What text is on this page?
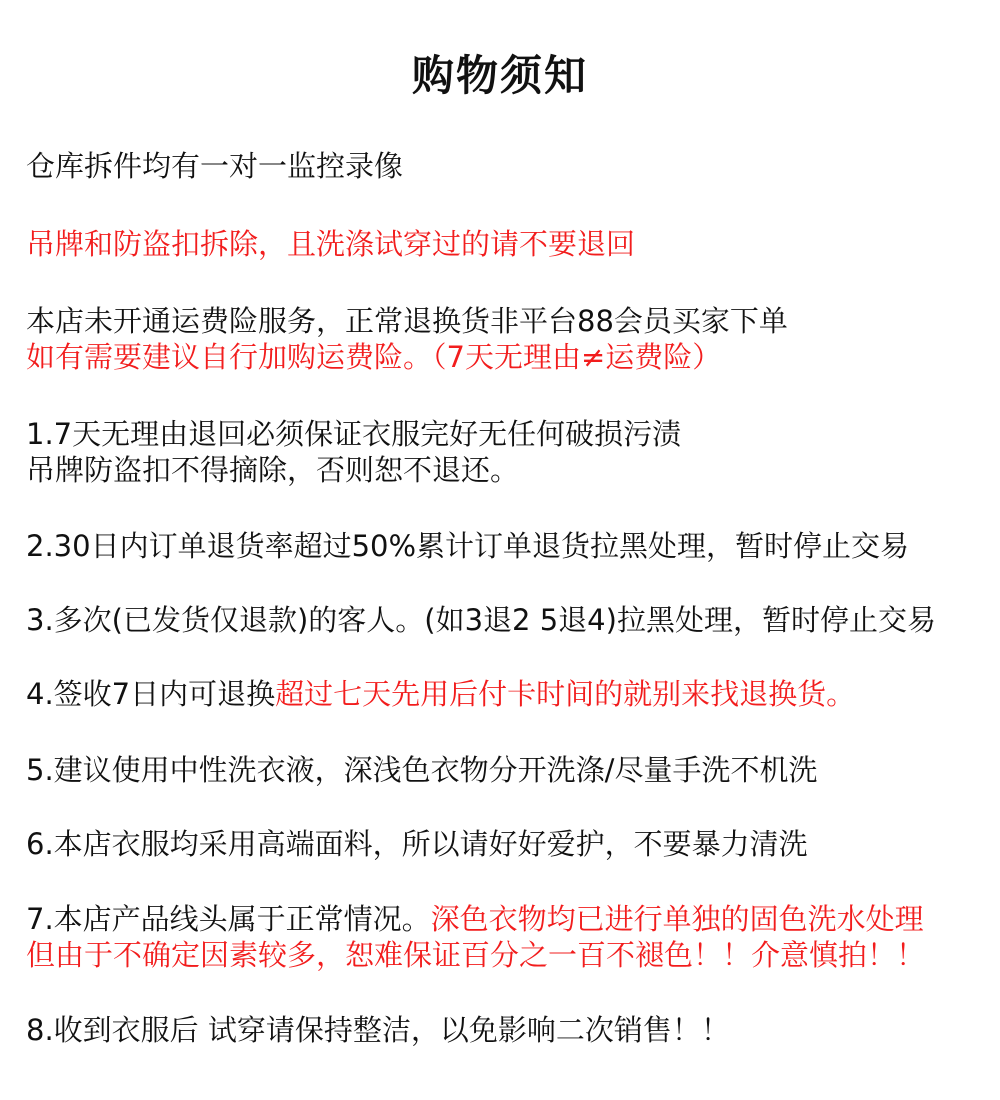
购物须知
仓库拆件均有一对一监控录像
吊牌和防盗扣拆除，且洗涤试穿过的请不要退回
本店未开通运费险服务，正常退换货非平台88会员买家下单
如有需要建议自行加购运费险。（7天无理由≠运费险）
1.7天无理由退回必须保证衣服完好无任何破损污渍
吊牌防盗扣不得摘除，否则恕不退还。
2.30日内订单退货率超过50%累计订单退货拉黑处理，暂时停止交易
3.多次(已发货仅退款)的客人。(如3退2 5退4)拉黑处理，暂时停止交易
4.签收7日内可退换超过七天先用后付卡时间的就别来找退换货。
5.建议使用中性洗衣液，深浅色衣物分开洗涤/尽量手洗不机洗
6.本店衣服均采用高端面料，所以请好好爱护，不要暴力清洗
7.本店产品线头属于正常情况。深色衣物均已进行单独的固色洗水处理
但由于不确定因素较多，恕难保证百分之一百不褪色！！介意慎拍！！
8.收到衣服后 试穿请保持整洁，以免影响二次销售！！
